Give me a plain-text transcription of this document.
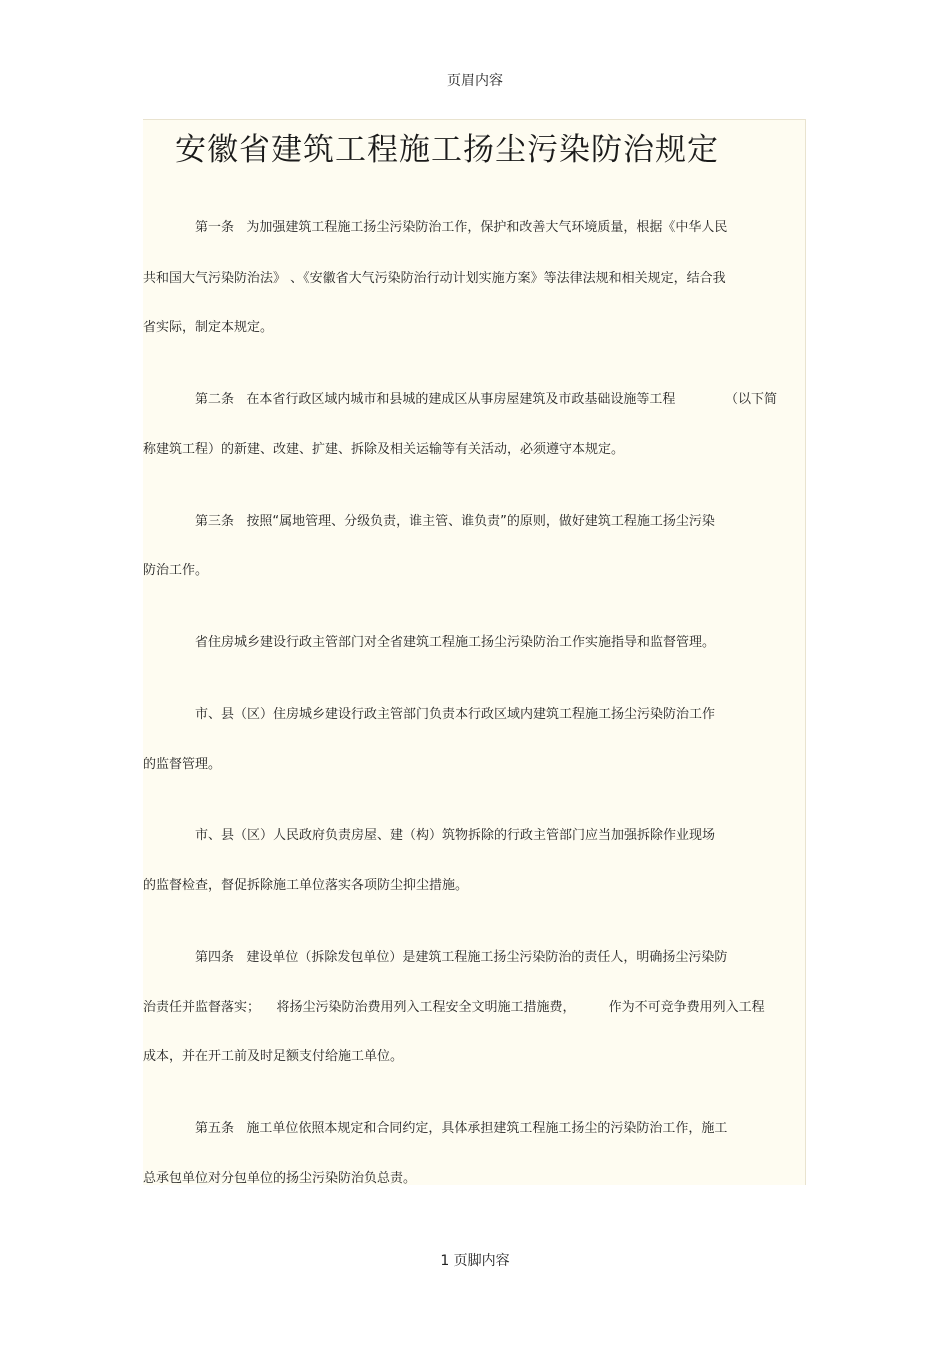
页眉内容
安徽省建筑工程施工扬尘污染防治规定
第一条   为加强建筑工程施工扬尘污染防治工作，保护和改善大气环境质量，根据《中华人民
共和国大气污染防治法》 、《安徽省大气污染防治行动计划实施方案》等法律法规和相关规定，结合我
省实际，制定本规定。
第二条   在本省行政区域内城市和县城的建成区从事房屋建筑及市政基础设施等工程            （以下简
称建筑工程）的新建、改建、扩建、拆除及相关运输等有关活动，必须遵守本规定。
第三条   按照“属地管理、分级负责，谁主管、谁负责”的原则，做好建筑工程施工扬尘污染
防治工作。
省住房城乡建设行政主管部门对全省建筑工程施工扬尘污染防治工作实施指导和监督管理。
市、县（区）住房城乡建设行政主管部门负责本行政区域内建筑工程施工扬尘污染防治工作
的监督管理。
市、县（区）人民政府负责房屋、建（构）筑物拆除的行政主管部门应当加强拆除作业现场
的监督检查，督促拆除施工单位落实各项防尘抑尘措施。
第四条   建设单位（拆除发包单位）是建筑工程施工扬尘污染防治的责任人，明确扬尘污染防
治责任并监督落实；    将扬尘污染防治费用列入工程安全文明施工措施费，        作为不可竞争费用列入工程
成本，并在开工前及时足额支付给施工单位。
第五条   施工单位依照本规定和合同约定，具体承担建筑工程施工扬尘的污染防治工作，施工
总承包单位对分包单位的扬尘污染防治负总责。
1 页脚内容
